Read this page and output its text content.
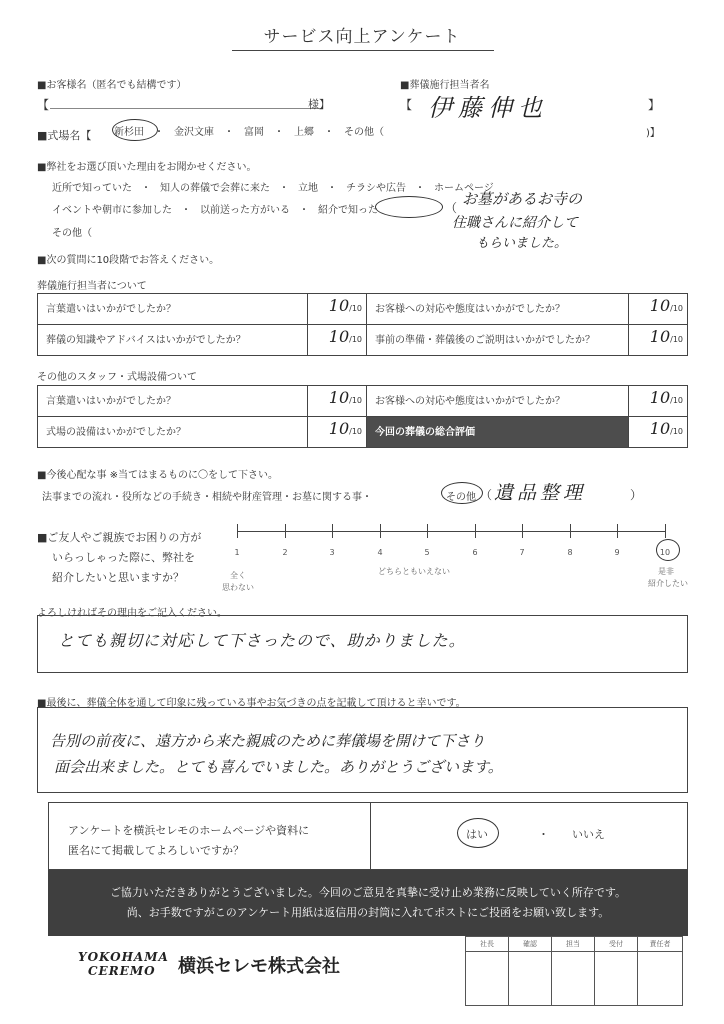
サービス向上アンケート
■お客様名（匿名でも結構です）
【	様】
■葬儀施行担当者名
【 伊藤伸也	】
■式場名【 新杉田 ・ 金沢文庫 ・ 富岡 ・ 上郷 ・ その他（	)】
■弊社をお選び頂いた理由をお聞かせください。
近所で知っていた ・ 知人の葬儀で会葬に来た ・ 立地 ・ チラシや広告 ・ ホームページ
イベントや朝市に参加した ・ 以前送った方がいる ・ 紹介で知った	（ お墓があるお寺の
住職さんに紹介して
もらいました。
その他（
■次の質問に10段階でお答えください。
葬儀施行担当者について
言葉遣いはいかがでしたか？	10/10	お客様への対応や態度はいかがでしたか？	10/10
葬儀の知識やアドバイスはいかがでしたか？	10/10	事前の準備・葬儀後のご説明はいかがでしたか？	10/10
その他のスタッフ・式場設備ついて
言葉遣いはいかがでしたか？	10/10	お客様への対応や態度はいかがでしたか？	10/10
式場の設備はいかがでしたか？	10/10	今回の葬儀の総合評価	10/10
■今後心配な事 ※当てはまるものに〇をして下さい。
法事までの流れ・役所などの手続き・相続や財産管理・お墓に関する事・	その他 （ 遺品整理	）
■ご友人やご親族でお困りの方が
いらっしゃった際に、弊社を
紹介したいと思いますか？
1	2	3	4	5	6	7	8	9	10
全く
思わない
どちらともいえない	是非
紹介したい
よろしければその理由をご記入ください。
とても親切に対応して下さったので、助かりました。
■最後に、葬儀全体を通して印象に残っている事やお気づきの点を記載して頂けると幸いです。
告別の前夜に、遠方から来た親戚のために葬儀場を開けて下さり
面会出来ました。とても喜んでいました。ありがとうございます。
アンケートを横浜セレモのホームページや資料に
匿名にて掲載してよろしいですか？
はい	・ いいえ
ご協力いただきありがとうございました。今回のご意見を真摯に受け止め業務に反映していく所存です。
尚、お手数ですがこのアンケート用紙は返信用の封筒に入れてポストにご投函をお願い致します。
YOKOHAMA
CEREMO 横浜セレモ株式会社
社長	確認	担当	受付	責任者
